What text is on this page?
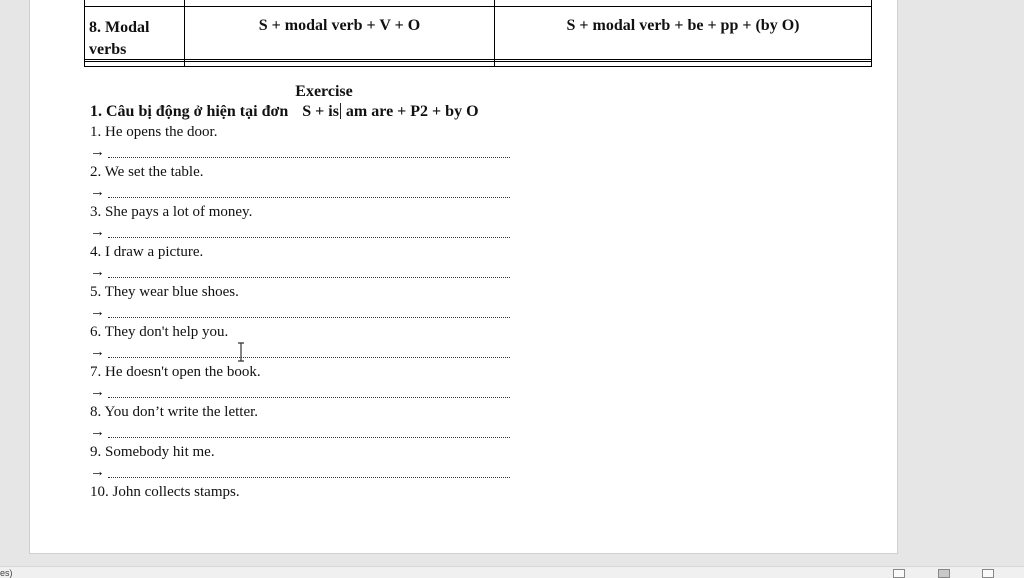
8. Modal
verbs	S + modal verb + V + O	S + modal verb + be + pp + (by O)
Exercise
1. Câu bị động ở hiện tại đơn S + is am are + P2 + by O
1. He opens the door.
→
2. We set the table.
→
3. She pays a lot of money.
→
4. I draw a picture.
→
5. They wear blue shoes.
→
6. They don't help you.
→
7. He doesn't open the book.
→
8. You don’t write the letter.
→
9. Somebody hit me.
→
10. John collects stamps.
es)
